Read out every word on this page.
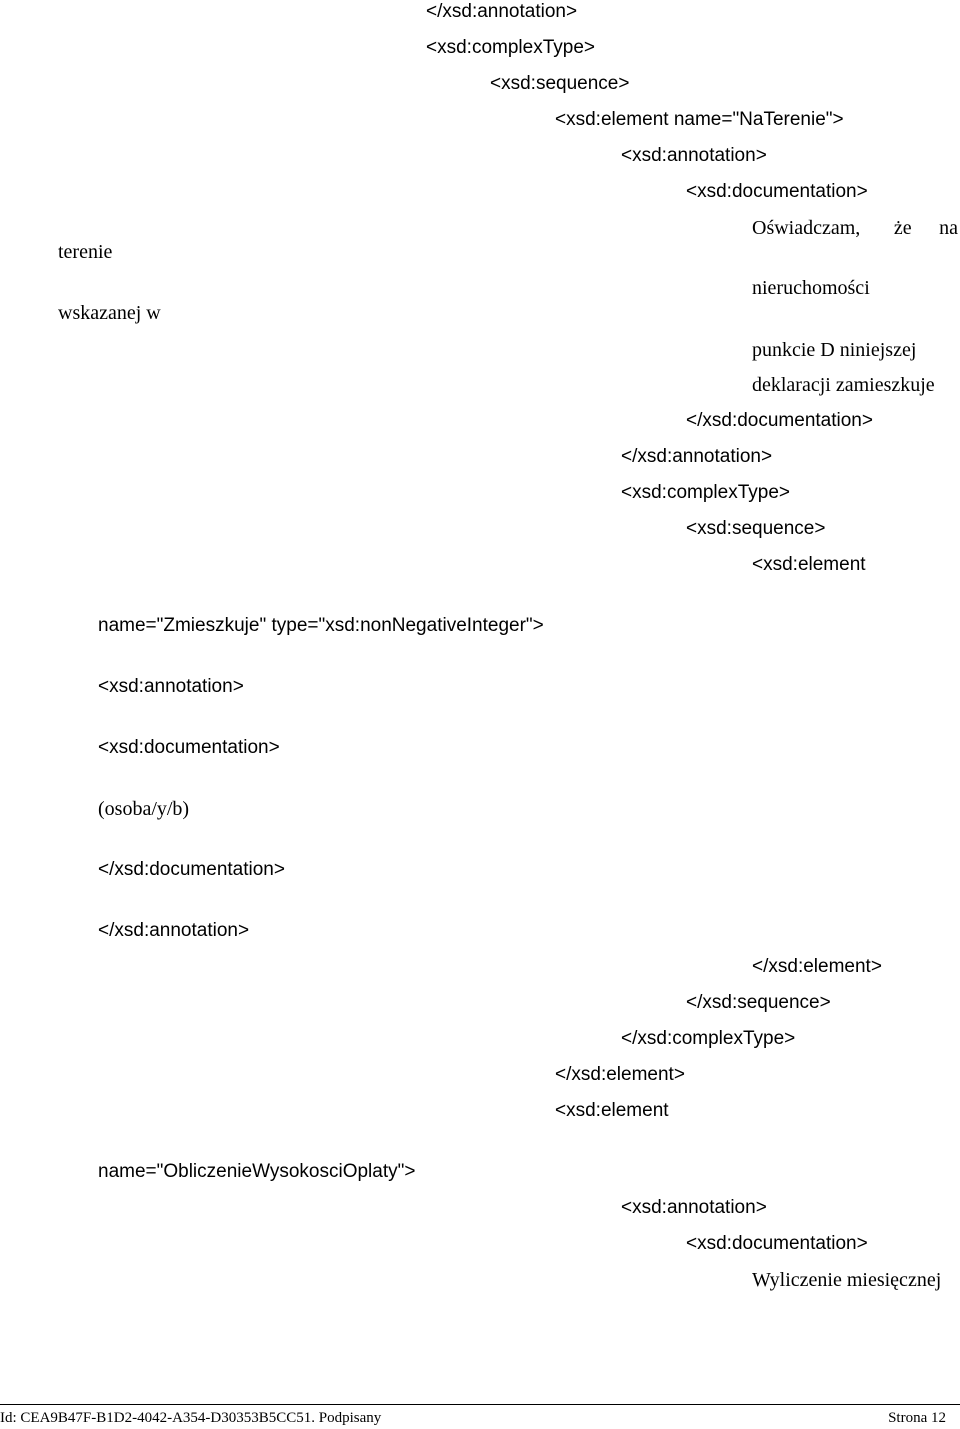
</xsd:annotation>
<xsd:complexType>
<xsd:sequence>
<xsd:element name="NaTerenie">
<xsd:annotation>
<xsd:documentation>
Oświadczam,	że na
terenie
nieruchomości
wskazanej w
punkcie D niniejszej
deklaracji zamieszkuje
</xsd:documentation>
</xsd:annotation>
<xsd:complexType>
<xsd:sequence>
<xsd:element
name="Zmieszkuje" type="xsd:nonNegativeInteger">
<xsd:annotation>
<xsd:documentation>
(osoba/y/b)
</xsd:documentation>
</xsd:annotation>
</xsd:element>
</xsd:sequence>
</xsd:complexType>
</xsd:element>
<xsd:element
name="ObliczenieWysokosciOplaty">
<xsd:annotation>
<xsd:documentation>
Wyliczenie miesięcznej
Id: CEA9B47F-B1D2-4042-A354-D30353B5CC51. Podpisany	Strona 12
